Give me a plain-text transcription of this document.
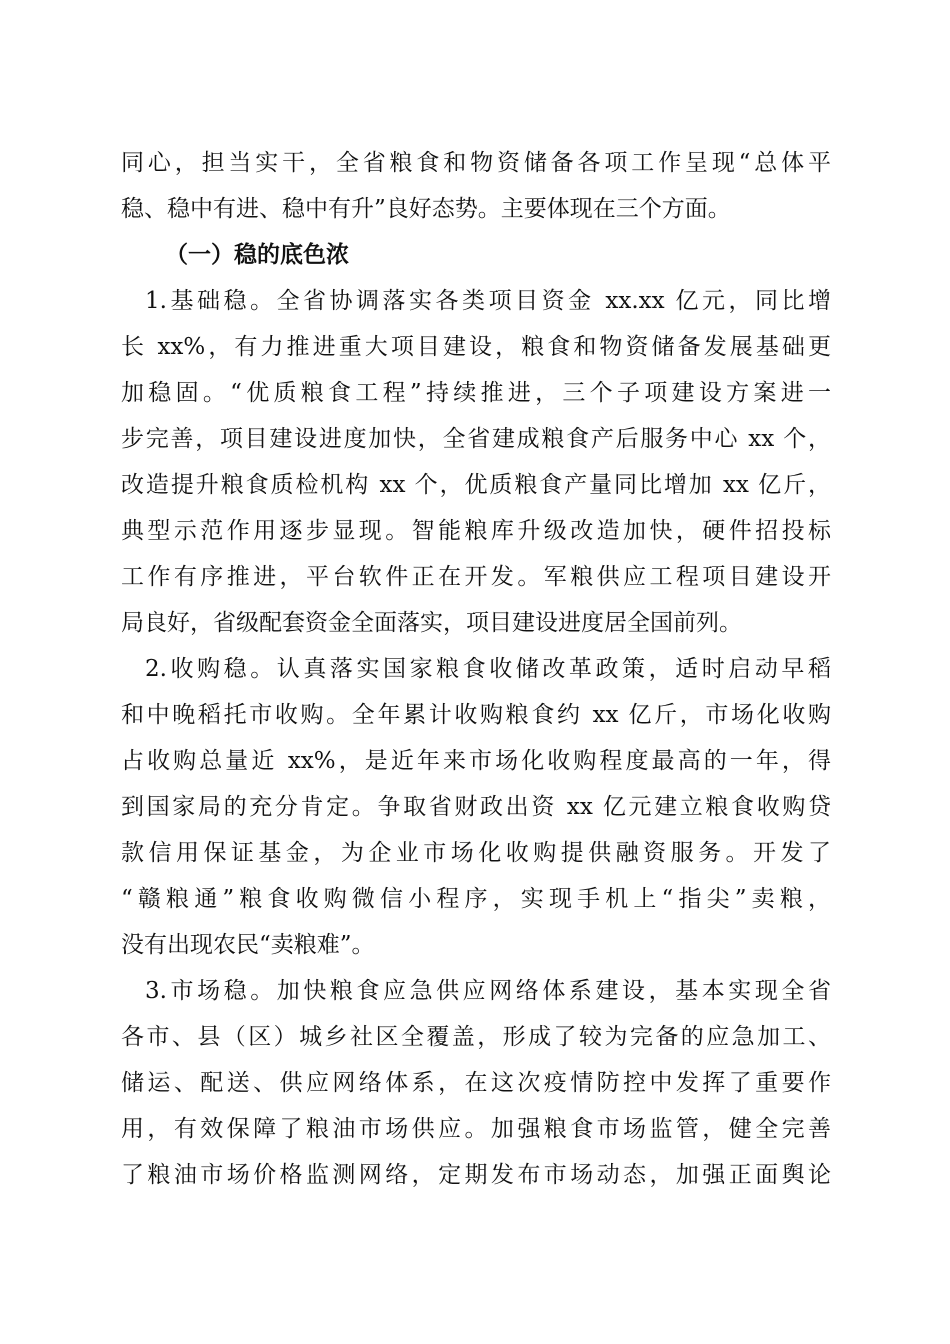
同心，担当实干，全省粮食和物资储备各项工作呈现“总体平
稳、稳中有进、稳中有升”良好态势。主要体现在三个方面。
（一）稳的底色浓
1.基础稳。全省协调落实各类项目资金 xx.xx 亿元，同比增
长 xx%，有力推进重大项目建设，粮食和物资储备发展基础更
加稳固。“优质粮食工程”持续推进，三个子项建设方案进一
步完善，项目建设进度加快，全省建成粮食产后服务中心 xx 个，
改造提升粮食质检机构 xx 个，优质粮食产量同比增加 xx 亿斤，
典型示范作用逐步显现。智能粮库升级改造加快，硬件招投标
工作有序推进，平台软件正在开发。军粮供应工程项目建设开
局良好，省级配套资金全面落实，项目建设进度居全国前列。
2.收购稳。认真落实国家粮食收储改革政策，适时启动早稻
和中晚稻托市收购。全年累计收购粮食约 xx 亿斤，市场化收购
占收购总量近 xx%，是近年来市场化收购程度最高的一年，得
到国家局的充分肯定。争取省财政出资 xx 亿元建立粮食收购贷
款信用保证基金，为企业市场化收购提供融资服务。开发了
“赣粮通”粮食收购微信小程序，实现手机上“指尖”卖粮，
没有出现农民“卖粮难”。
3.市场稳。加快粮食应急供应网络体系建设，基本实现全省
各市、县（区）城乡社区全覆盖，形成了较为完备的应急加工、
储运、配送、供应网络体系，在这次疫情防控中发挥了重要作
用，有效保障了粮油市场供应。加强粮食市场监管，健全完善
了粮油市场价格监测网络，定期发布市场动态，加强正面舆论
